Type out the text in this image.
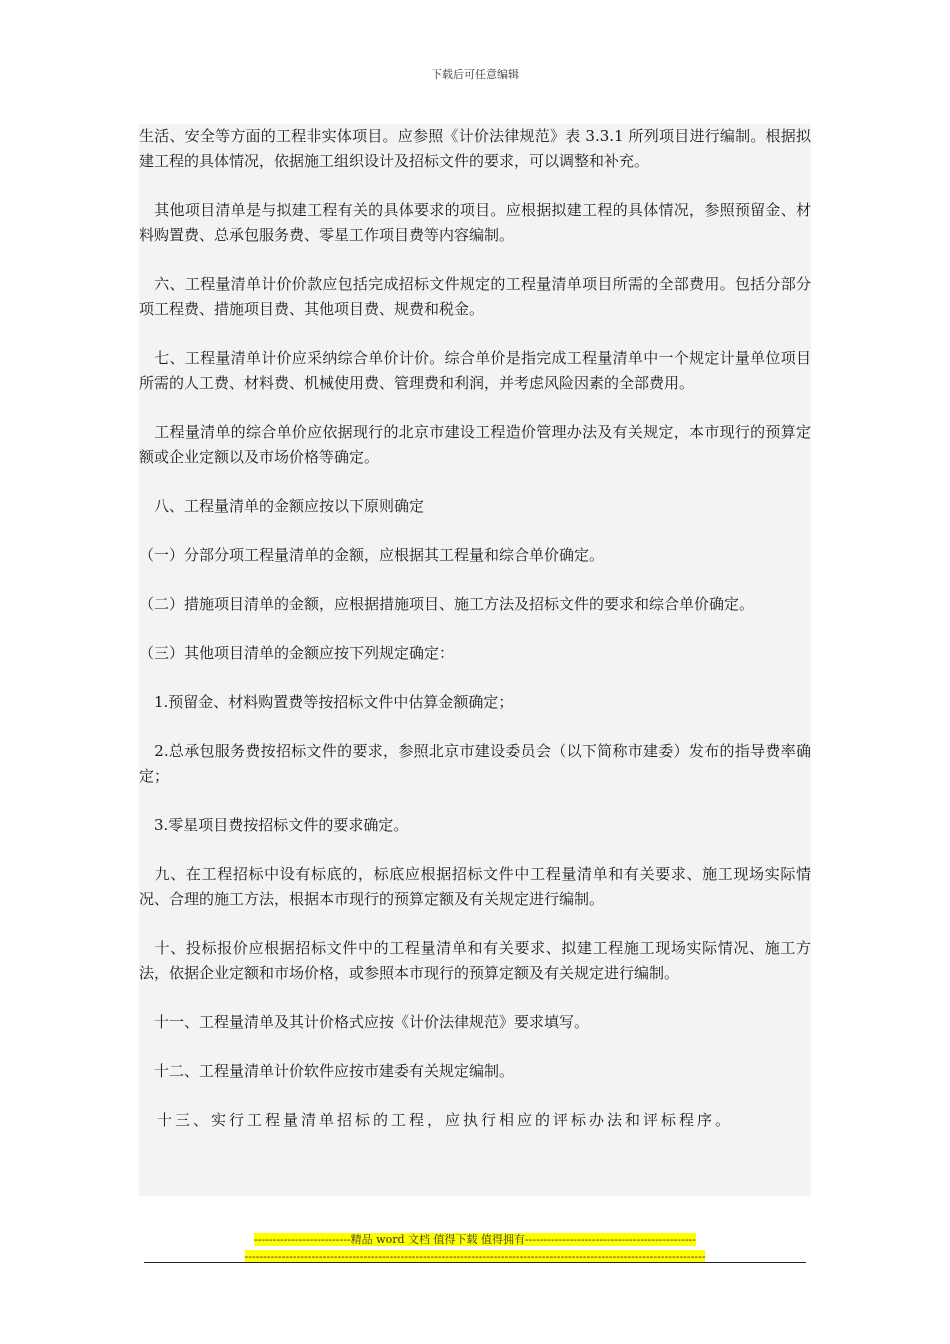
下载后可任意编辑

生活、安全等方面的工程非实体项目。应参照《计价法律规范》表 3.3.1 所列项目进行编制。根据拟建工程的具体情况，依据施工组织设计及招标文件的要求，可以调整和补充。

　其他项目清单是与拟建工程有关的具体要求的项目。应根据拟建工程的具体情况，参照预留金、材料购置费、总承包服务费、零星工作项目费等内容编制。

　六、工程量清单计价价款应包括完成招标文件规定的工程量清单项目所需的全部费用。包括分部分项工程费、措施项目费、其他项目费、规费和税金。

　七、工程量清单计价应采纳综合单价计价。综合单价是指完成工程量清单中一个规定计量单位项目所需的人工费、材料费、机械使用费、管理费和利润，并考虑风险因素的全部费用。

　工程量清单的综合单价应依据现行的北京市建设工程造价管理办法及有关规定，本市现行的预算定额或企业定额以及市场价格等确定。

　八、工程量清单的金额应按以下原则确定

（一）分部分项工程量清单的金额，应根据其工程量和综合单价确定。

（二）措施项目清单的金额，应根据措施项目、施工方法及招标文件的要求和综合单价确定。

（三）其他项目清单的金额应按下列规定确定：

　1.预留金、材料购置费等按招标文件中估算金额确定；

　2.总承包服务费按招标文件的要求，参照北京市建设委员会（以下简称市建委）发布的指导费率确定；

　3.零星项目费按招标文件的要求确定。

　九、在工程招标中设有标底的，标底应根据招标文件中工程量清单和有关要求、施工现场实际情况、合理的施工方法，根据本市现行的预算定额及有关规定进行编制。

　十、投标报价应根据招标文件中的工程量清单和有关要求、拟建工程施工现场实际情况、施工方法，依据企业定额和市场价格，或参照本市现行的预算定额及有关规定进行编制。

　十一、工程量清单及其计价格式应按《计价法律规范》要求填写。

　十二、工程量清单计价软件应按市建委有关规定编制。

　十三、实行工程量清单招标的工程，应执行相应的评标办法和评标程序。

--------------------------精品 word 文档 值得下载 值得拥有----------------------------------------------
----------------------------------------------------------------------------------------------------------------------------
